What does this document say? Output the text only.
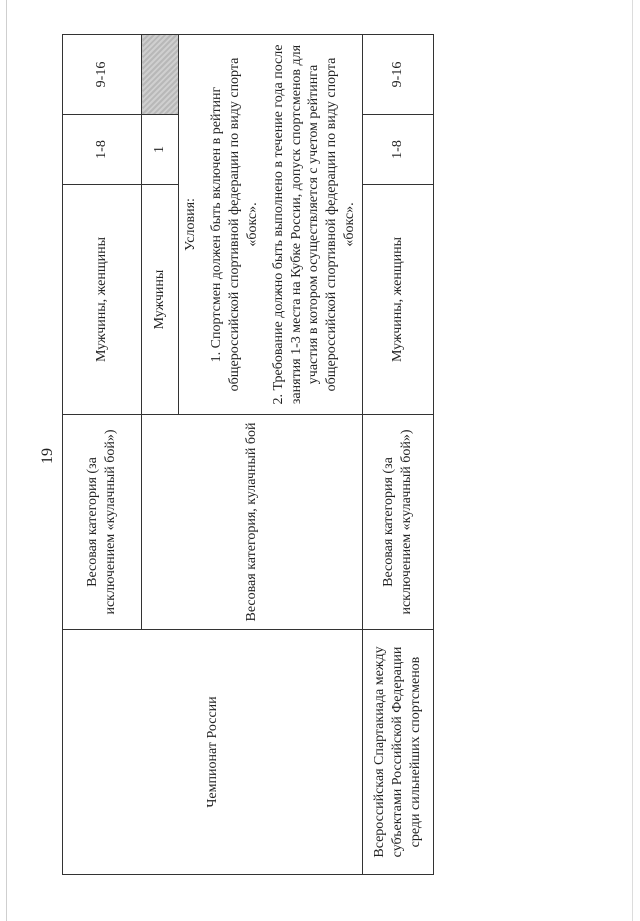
19
Чемпионат России	Весовая категория (за исключением «кулачный бой»)	Мужчины, женщины	1-8	9-16
	Весовая категория, кулачный бой	Мужчины	1	

		Условия: 1. Спортсмен должен быть включен в рейтинг общероссийской спортивной федерации по виду спорта «бокс». 2. Требование должно быть выполнено в течение года после занятия 1-3 места на Кубке России, допуск спортсменов для участия в котором осуществляется с учетом рейтинга общероссийской спортивной федерации по виду спорта «бокс».		

Всероссийская Спартакиада между субъектами Российской Федерации среди сильнейших спортсменов	Весовая категория (за исключением «кулачный бой»)	Мужчины, женщины	1-8	9-16
